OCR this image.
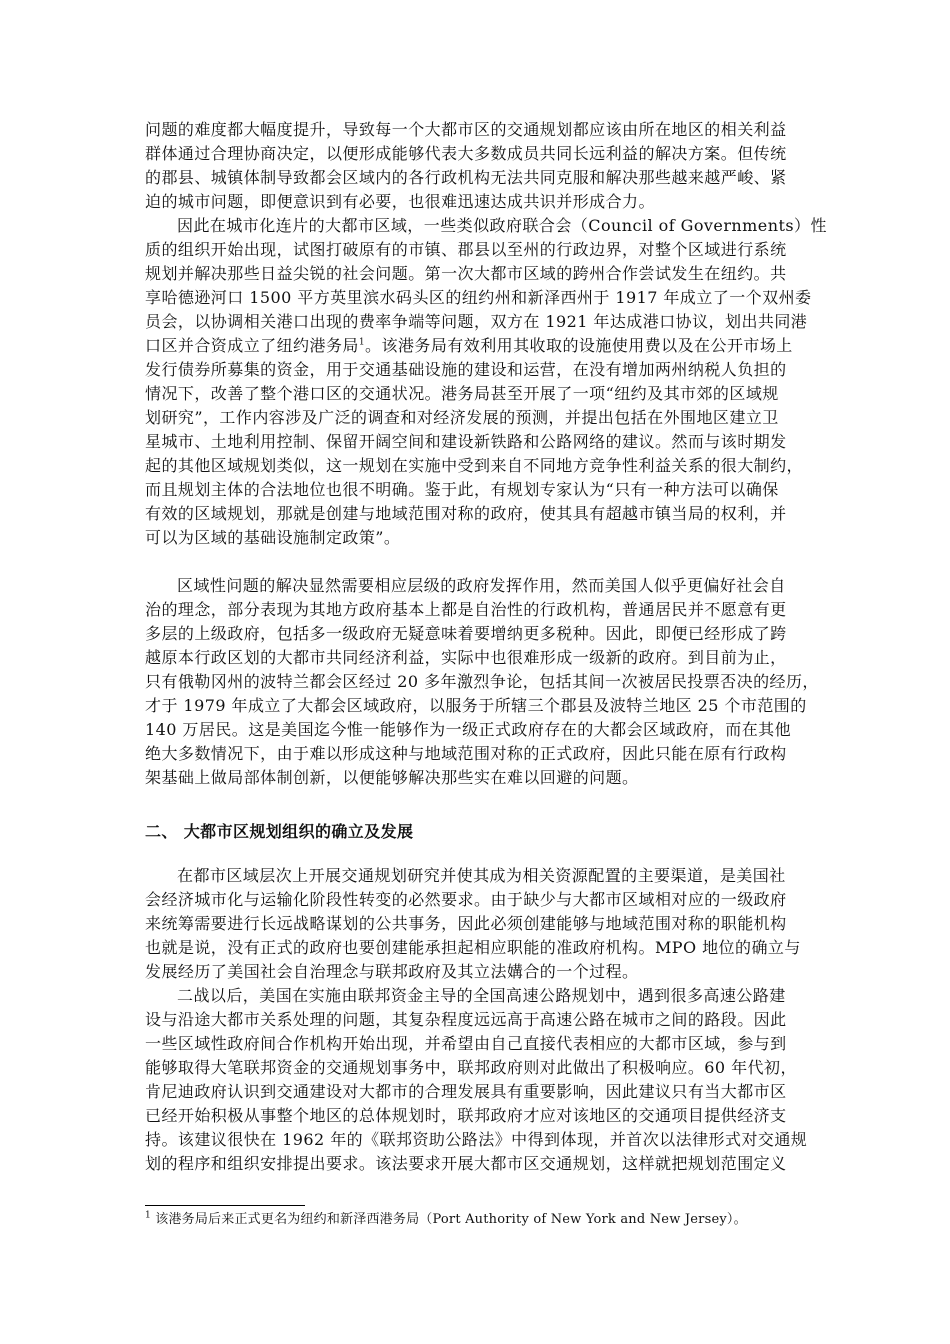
问题的难度都大幅度提升，导致每一个大都市区的交通规划都应该由所在地区的相关利益
群体通过合理协商决定，以便形成能够代表大多数成员共同长远利益的解决方案。但传统
的郡县、城镇体制导致都会区域内的各行政机构无法共同克服和解决那些越来越严峻、紧
迫的城市问题，即便意识到有必要，也很难迅速达成共识并形成合力。
因此在城市化连片的大都市区域，一些类似政府联合会（Council of Governments）性
质的组织开始出现，试图打破原有的市镇、郡县以至州的行政边界，对整个区域进行系统
规划并解决那些日益尖锐的社会问题。第一次大都市区域的跨州合作尝试发生在纽约。共
享哈德逊河口 1500 平方英里滨水码头区的纽约州和新泽西州于 1917 年成立了一个双州委
员会，以协调相关港口出现的费率争端等问题，双方在 1921 年达成港口协议，划出共同港
口区并合资成立了纽约港务局$^1$。该港务局有效利用其收取的设施使用费以及在公开市场上
发行债券所募集的资金，用于交通基础设施的建设和运营，在没有增加两州纳税人负担的
情况下，改善了整个港口区的交通状况。港务局甚至开展了一项“纽约及其市郊的区域规
划研究”，工作内容涉及广泛的调查和对经济发展的预测，并提出包括在外围地区建立卫
星城市、土地利用控制、保留开阔空间和建设新铁路和公路网络的建议。然而与该时期发
起的其他区域规划类似，这一规划在实施中受到来自不同地方竞争性利益关系的很大制约，
而且规划主体的合法地位也很不明确。鉴于此，有规划专家认为“只有一种方法可以确保
有效的区域规划，那就是创建与地域范围对称的政府，使其具有超越市镇当局的权利，并
可以为区域的基础设施制定政策”。
区域性问题的解决显然需要相应层级的政府发挥作用，然而美国人似乎更偏好社会自
治的理念，部分表现为其地方政府基本上都是自治性的行政机构，普通居民并不愿意有更
多层的上级政府，包括多一级政府无疑意味着要增纳更多税种。因此，即便已经形成了跨
越原本行政区划的大都市共同经济利益，实际中也很难形成一级新的政府。到目前为止，
只有俄勒冈州的波特兰都会区经过 20 多年激烈争论，包括其间一次被居民投票否决的经历，
才于 1979 年成立了大都会区域政府，以服务于所辖三个郡县及波特兰地区 25 个市范围的
140 万居民。这是美国迄今惟一能够作为一级正式政府存在的大都会区域政府，而在其他
绝大多数情况下，由于难以形成这种与地域范围对称的正式政府，因此只能在原有行政构
架基础上做局部体制创新，以便能够解决那些实在难以回避的问题。
二、 大都市区规划组织的确立及发展
在都市区域层次上开展交通规划研究并使其成为相关资源配置的主要渠道，是美国社
会经济城市化与运输化阶段性转变的必然要求。由于缺少与大都市区域相对应的一级政府
来统筹需要进行长远战略谋划的公共事务，因此必须创建能够与地域范围对称的职能机构
也就是说，没有正式的政府也要创建能承担起相应职能的准政府机构。MPO 地位的确立与
发展经历了美国社会自治理念与联邦政府及其立法媾合的一个过程。
二战以后，美国在实施由联邦资金主导的全国高速公路规划中，遇到很多高速公路建
设与沿途大都市关系处理的问题，其复杂程度远远高于高速公路在城市之间的路段。因此
一些区域性政府间合作机构开始出现，并希望由自己直接代表相应的大都市区域，参与到
能够取得大笔联邦资金的交通规划事务中，联邦政府则对此做出了积极响应。60 年代初，
肯尼迪政府认识到交通建设对大都市的合理发展具有重要影响，因此建议只有当大都市区
已经开始积极从事整个地区的总体规划时，联邦政府才应对该地区的交通项目提供经济支
持。该建议很快在 1962 年的《联邦资助公路法》中得到体现，并首次以法律形式对交通规
划的程序和组织安排提出要求。该法要求开展大都市区交通规划，这样就把规划范围定义
$^1$ 该港务局后来正式更名为纽约和新泽西港务局（Port Authority of New York and New Jersey）。
